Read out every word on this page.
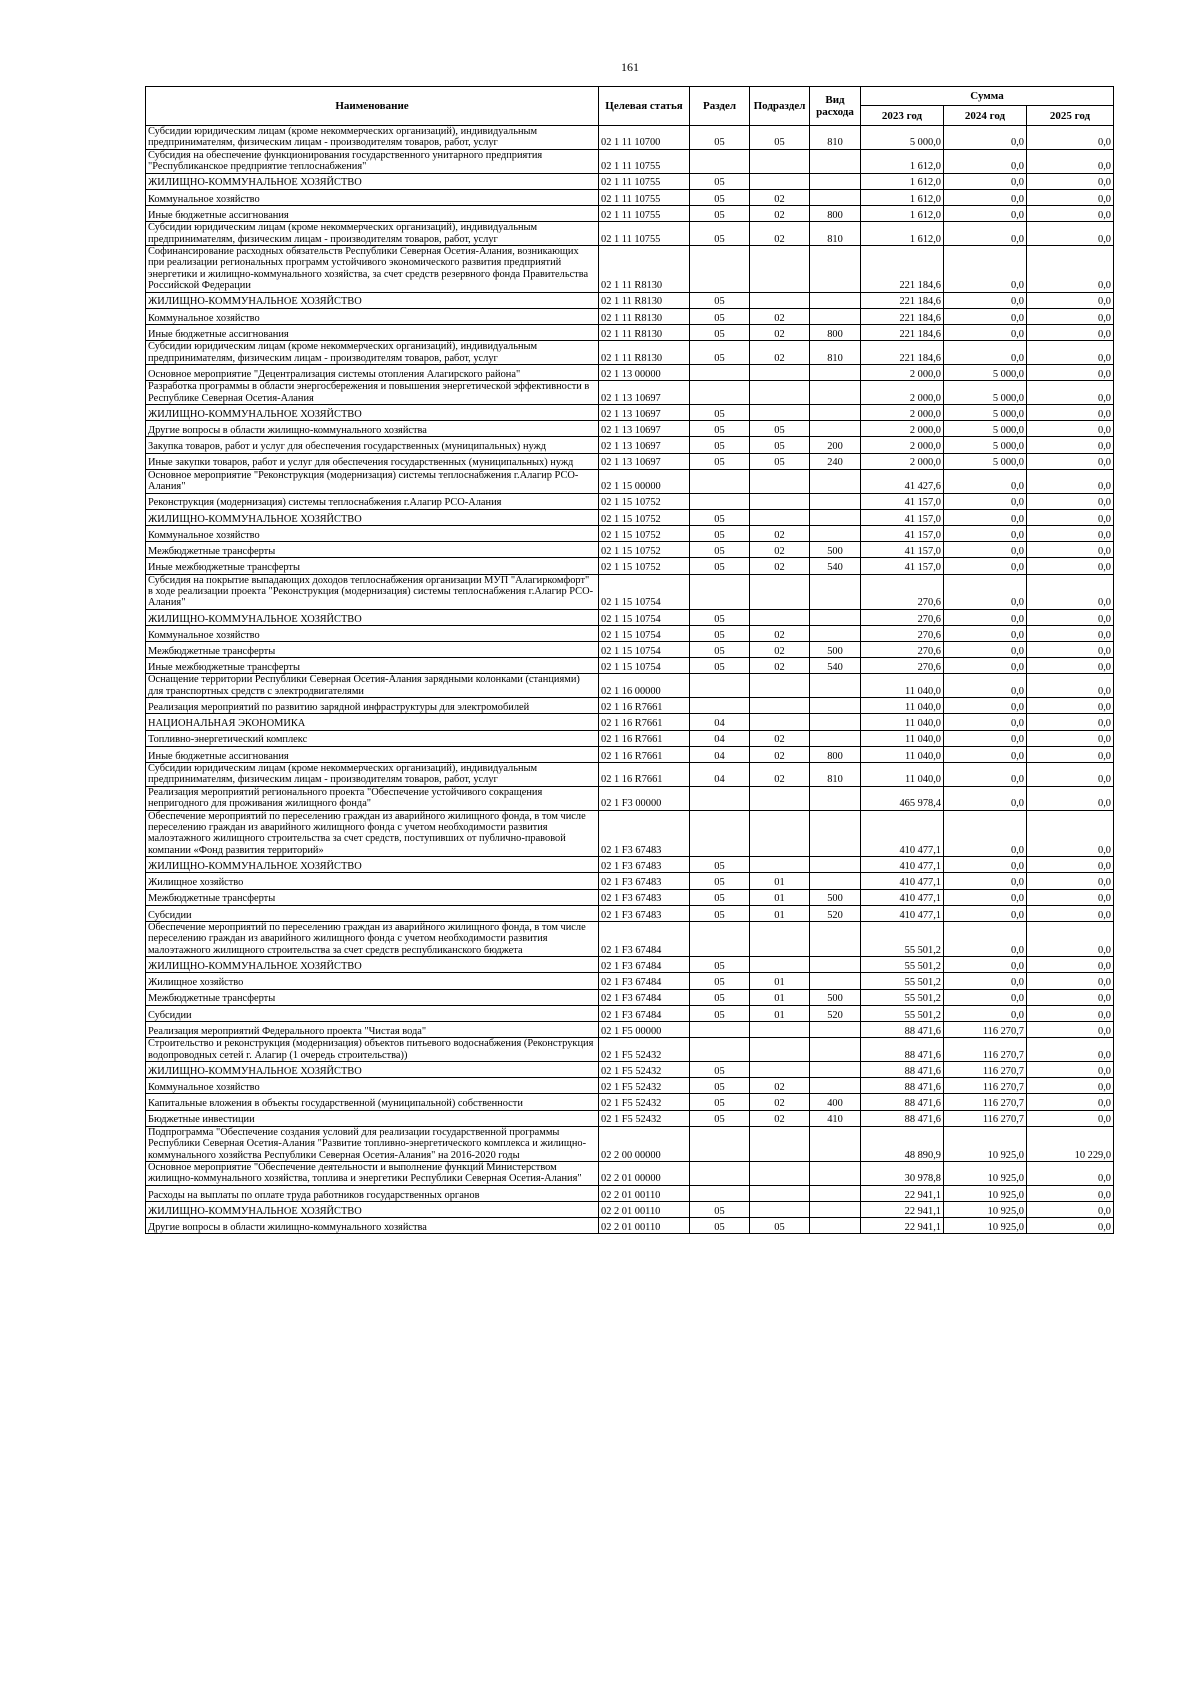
161
Наименование	Целевая статья	Раздел	Подраздел	Вид расхода	Сумма		
					2023 год	2024 год	2025 год
Субсидии юридическим лицам (кроме некоммерческих организаций), индивидуальным предпринимателям, физическим лицам - производителям товаров, работ, услуг	02 1 11 10700	05	05	810	5 000,0	0,0	0,0
Субсидия на обеспечение функционирования государственного унитарного предприятия "Республиканское предприятие теплоснабжения"	02 1 11 10755				1 612,0	0,0	0,0
ЖИЛИЩНО-КОММУНАЛЬНОЕ ХОЗЯЙСТВО	02 1 11 10755	05			1 612,0	0,0	0,0
Коммунальное хозяйство	02 1 11 10755	05	02		1 612,0	0,0	0,0
Иные бюджетные ассигнования	02 1 11 10755	05	02	800	1 612,0	0,0	0,0
Субсидии юридическим лицам (кроме некоммерческих организаций), индивидуальным предпринимателям, физическим лицам - производителям товаров, работ, услуг	02 1 11 10755	05	02	810	1 612,0	0,0	0,0
Софинансирование расходных обязательств Республики Северная Осетия-Алания, возникающих при реализации региональных программ устойчивого экономического развития предприятий энергетики и жилищно-коммунального хозяйства, за счет средств резервного фонда Правительства Российской Федерации	02 1 11 R8130				221 184,6	0,0	0,0
ЖИЛИЩНО-КОММУНАЛЬНОЕ ХОЗЯЙСТВО	02 1 11 R8130	05			221 184,6	0,0	0,0
Коммунальное хозяйство	02 1 11 R8130	05	02		221 184,6	0,0	0,0
Иные бюджетные ассигнования	02 1 11 R8130	05	02	800	221 184,6	0,0	0,0
Субсидии юридическим лицам (кроме некоммерческих организаций), индивидуальным предпринимателям, физическим лицам - производителям товаров, работ, услуг	02 1 11 R8130	05	02	810	221 184,6	0,0	0,0
Основное мероприятие "Децентрализация системы отопления Алагирского района"	02 1 13 00000				2 000,0	5 000,0	0,0
Разработка программы в области энергосбережения и повышения энергетической эффективности в Республике Северная Осетия-Алания	02 1 13 10697				2 000,0	5 000,0	0,0
ЖИЛИЩНО-КОММУНАЛЬНОЕ ХОЗЯЙСТВО	02 1 13 10697	05			2 000,0	5 000,0	0,0
Другие вопросы в области жилищно-коммунального хозяйства	02 1 13 10697	05	05		2 000,0	5 000,0	0,0
Закупка товаров, работ и услуг для обеспечения государственных (муниципальных) нужд	02 1 13 10697	05	05	200	2 000,0	5 000,0	0,0
Иные закупки товаров, работ и услуг для обеспечения государственных (муниципальных) нужд	02 1 13 10697	05	05	240	2 000,0	5 000,0	0,0
Основное мероприятие "Реконструкция (модернизация) системы теплоснабжения г.Алагир РСО-Алания"	02 1 15 00000				41 427,6	0,0	0,0
Реконструкция (модернизация) системы теплоснабжения г.Алагир РСО-Алания	02 1 15 10752				41 157,0	0,0	0,0
ЖИЛИЩНО-КОММУНАЛЬНОЕ ХОЗЯЙСТВО	02 1 15 10752	05			41 157,0	0,0	0,0
Коммунальное хозяйство	02 1 15 10752	05	02		41 157,0	0,0	0,0
Межбюджетные трансферты	02 1 15 10752	05	02	500	41 157,0	0,0	0,0
Иные межбюджетные трансферты	02 1 15 10752	05	02	540	41 157,0	0,0	0,0
Субсидия на покрытие выпадающих доходов теплоснабжения организации МУП "Алагиркомфорт" в ходе реализации проекта "Реконструкция (модернизация) системы теплоснабжения г.Алагир РСО-Алания"	02 1 15 10754				270,6	0,0	0,0
ЖИЛИЩНО-КОММУНАЛЬНОЕ ХОЗЯЙСТВО	02 1 15 10754	05			270,6	0,0	0,0
Коммунальное хозяйство	02 1 15 10754	05	02		270,6	0,0	0,0
Межбюджетные трансферты	02 1 15 10754	05	02	500	270,6	0,0	0,0
Иные межбюджетные трансферты	02 1 15 10754	05	02	540	270,6	0,0	0,0
Оснащение территории Республики Северная Осетия-Алания зарядными колонками (станциями) для транспортных средств с электродвигателями	02 1 16 00000				11 040,0	0,0	0,0
Реализация мероприятий по развитию зарядной инфраструктуры для электромобилей	02 1 16 R7661				11 040,0	0,0	0,0
НАЦИОНАЛЬНАЯ ЭКОНОМИКА	02 1 16 R7661	04			11 040,0	0,0	0,0
Топливно-энергетический комплекс	02 1 16 R7661	04	02		11 040,0	0,0	0,0
Иные бюджетные ассигнования	02 1 16 R7661	04	02	800	11 040,0	0,0	0,0
Субсидии юридическим лицам (кроме некоммерческих организаций), индивидуальным предпринимателям, физическим лицам - производителям товаров, работ, услуг	02 1 16 R7661	04	02	810	11 040,0	0,0	0,0
Реализация мероприятий регионального проекта "Обеспечение устойчивого сокращения непригодного для проживания жилищного фонда"	02 1 F3 00000				465 978,4	0,0	0,0
Обеспечение мероприятий по переселению граждан из аварийного жилищного фонда, в том числе переселению граждан из аварийного жилищного фонда с учетом необходимости развития малоэтажного жилищного строительства за счет средств, поступивших от публично-правовой компании «Фонд развития территорий»	02 1 F3 67483				410 477,1	0,0	0,0
ЖИЛИЩНО-КОММУНАЛЬНОЕ ХОЗЯЙСТВО	02 1 F3 67483	05			410 477,1	0,0	0,0
Жилищное хозяйство	02 1 F3 67483	05	01		410 477,1	0,0	0,0
Межбюджетные трансферты	02 1 F3 67483	05	01	500	410 477,1	0,0	0,0
Субсидии	02 1 F3 67483	05	01	520	410 477,1	0,0	0,0
Обеспечение мероприятий по переселению граждан из аварийного жилищного фонда, в том числе переселению граждан из аварийного жилищного фонда с учетом необходимости развития малоэтажного жилищного строительства за счет средств республиканского бюджета	02 1 F3 67484				55 501,2	0,0	0,0
ЖИЛИЩНО-КОММУНАЛЬНОЕ ХОЗЯЙСТВО	02 1 F3 67484	05			55 501,2	0,0	0,0
Жилищное хозяйство	02 1 F3 67484	05	01		55 501,2	0,0	0,0
Межбюджетные трансферты	02 1 F3 67484	05	01	500	55 501,2	0,0	0,0
Субсидии	02 1 F3 67484	05	01	520	55 501,2	0,0	0,0
Реализация мероприятий Федерального проекта "Чистая вода"	02 1 F5 00000				88 471,6	116 270,7	0,0
Строительство и реконструкция (модернизация) объектов питьевого водоснабжения (Реконструкция водопроводных сетей г. Алагир (1 очередь строительства))	02 1 F5 52432				88 471,6	116 270,7	0,0
ЖИЛИЩНО-КОММУНАЛЬНОЕ ХОЗЯЙСТВО	02 1 F5 52432	05			88 471,6	116 270,7	0,0
Коммунальное хозяйство	02 1 F5 52432	05	02		88 471,6	116 270,7	0,0
Капитальные вложения в объекты государственной (муниципальной) собственности	02 1 F5 52432	05	02	400	88 471,6	116 270,7	0,0
Бюджетные инвестиции	02 1 F5 52432	05	02	410	88 471,6	116 270,7	0,0
Подпрограмма "Обеспечение создания условий для реализации государственной программы Республики Северная Осетия-Алания "Развитие топливно-энергетического комплекса и жилищно-коммунального хозяйства Республики Северная Осетия-Алания" на 2016-2020 годы	02 2 00 00000				48 890,9	10 925,0	10 229,0
Основное мероприятие "Обеспечение деятельности и выполнение функций Министерством жилищно-коммунального хозяйства, топлива и энергетики Республики Северная Осетия-Алания"	02 2 01 00000				30 978,8	10 925,0	0,0
Расходы на выплаты по оплате труда работников государственных органов	02 2 01 00110				22 941,1	10 925,0	0,0
ЖИЛИЩНО-КОММУНАЛЬНОЕ ХОЗЯЙСТВО	02 2 01 00110	05			22 941,1	10 925,0	0,0
Другие вопросы в области жилищно-коммунального хозяйства	02 2 01 00110	05	05		22 941,1	10 925,0	0,0
